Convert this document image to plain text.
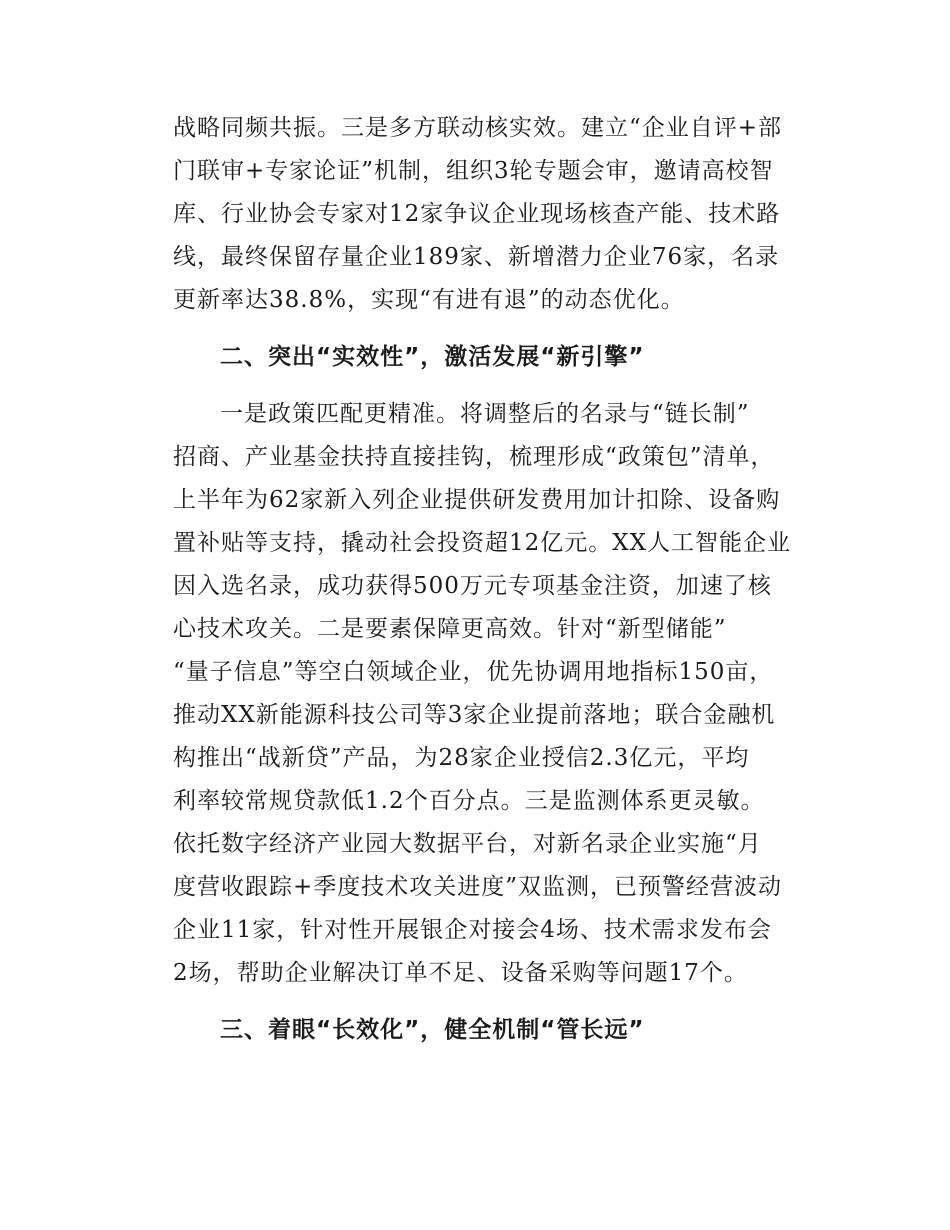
战略同频共振。三是多方联动核实效。建立“企业自评+部

门联审+专家论证”机制，组织3轮专题会审，邀请高校智

库、行业协会专家对12家争议企业现场核查产能、技术路

线，最终保留存量企业189家、新增潜力企业76家，名录

更新率达38.8%，实现“有进有退”的动态优化。

二、突出“实效性”，激活发展“新引擎”

一是政策匹配更精准。将调整后的名录与“链长制”

招商、产业基金扶持直接挂钩，梳理形成“政策包”清单，

上半年为62家新入列企业提供研发费用加计扣除、设备购

置补贴等支持，撬动社会投资超12亿元。XX人工智能企业

因入选名录，成功获得500万元专项基金注资，加速了核

心技术攻关。二是要素保障更高效。针对“新型储能”

“量子信息”等空白领域企业，优先协调用地指标150亩，

推动XX新能源科技公司等3家企业提前落地；联合金融机

构推出“战新贷”产品，为28家企业授信2.3亿元，平均

利率较常规贷款低1.2个百分点。三是监测体系更灵敏。

依托数字经济产业园大数据平台，对新名录企业实施“月

度营收跟踪+季度技术攻关进度”双监测，已预警经营波动

企业11家，针对性开展银企对接会4场、技术需求发布会

2场，帮助企业解决订单不足、设备采购等问题17个。

三、着眼“长效化”，健全机制“管长远”
